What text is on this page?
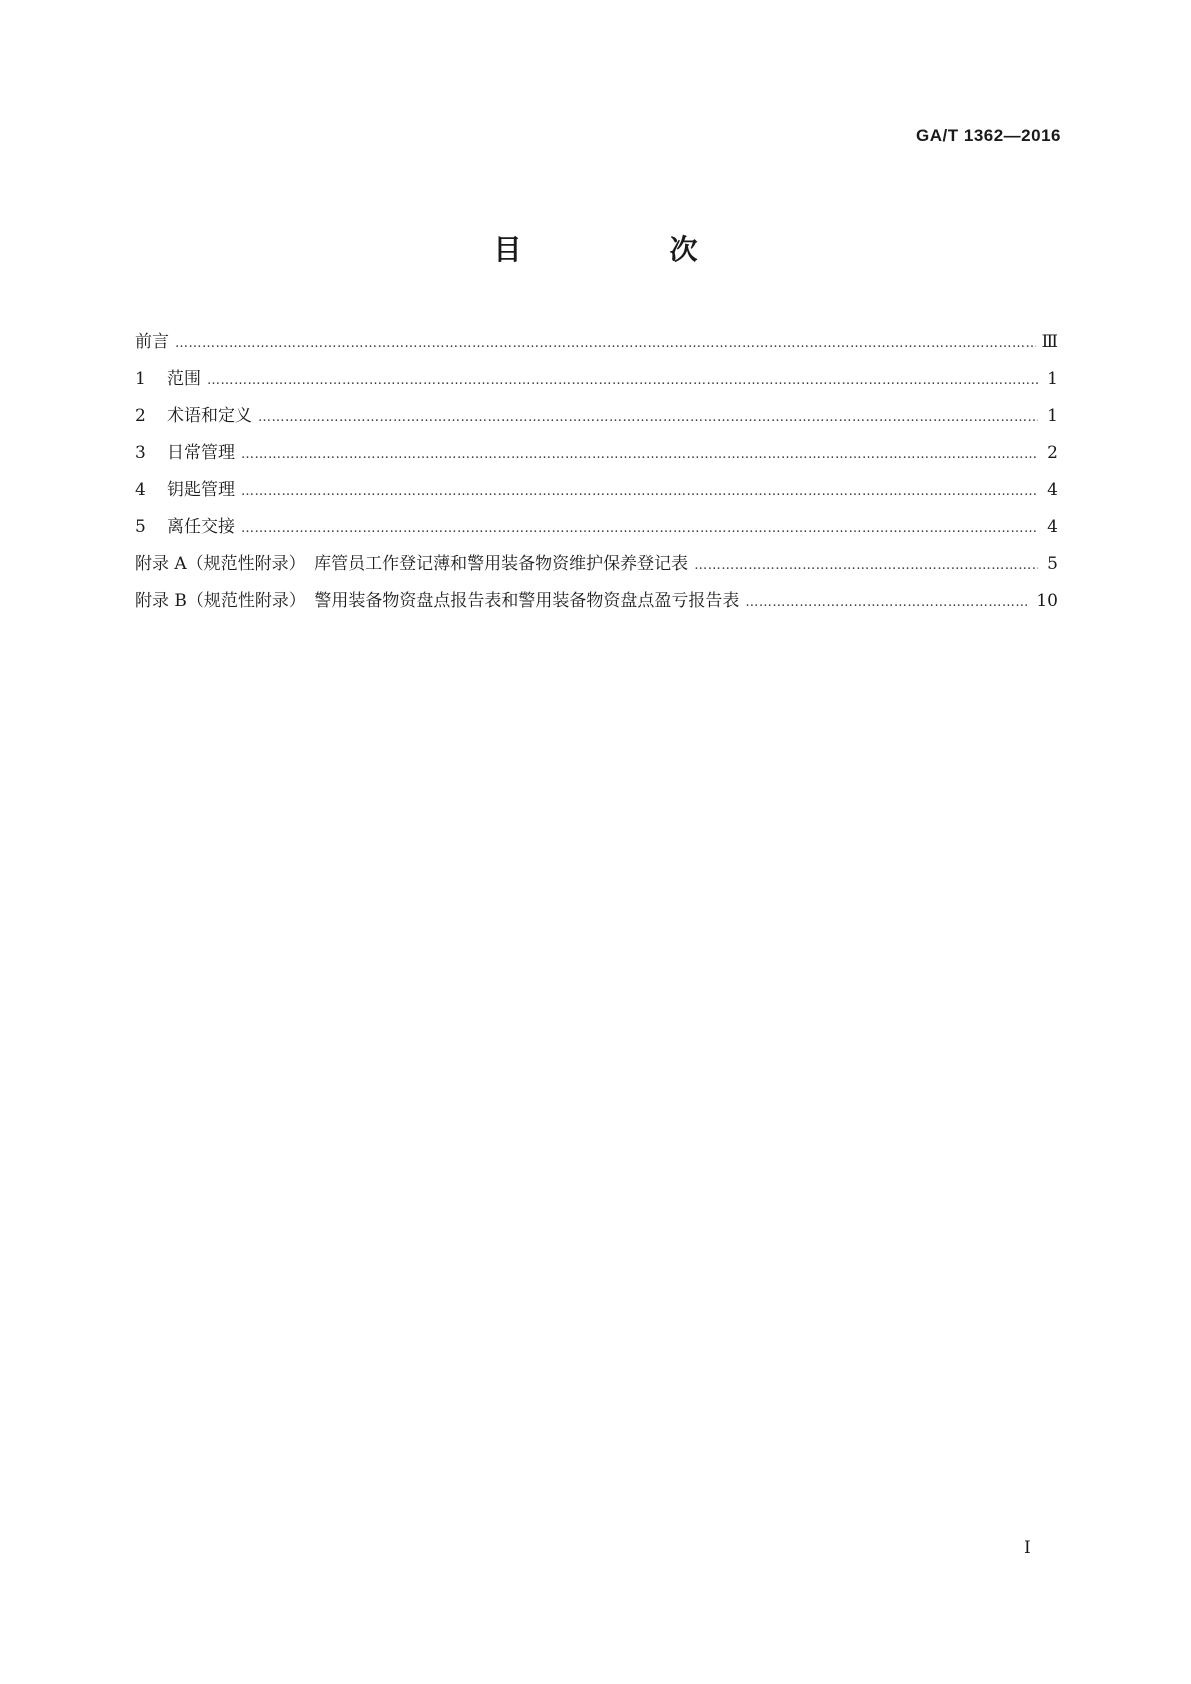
GA/T 1362—2016
目　次
前言 …………………………………………………………………………………………………………………………………………………………………………………………………	Ⅲ
1 范围 …………………………………………………………………………………………………………………………………………………………………………………………………	1
2 术语和定义 …………………………………………………………………………………………………………………………………………………………………………………………………	1
3 日常管理 …………………………………………………………………………………………………………………………………………………………………………………………………	2
4 钥匙管理 …………………………………………………………………………………………………………………………………………………………………………………………………	4
5 离任交接 …………………………………………………………………………………………………………………………………………………………………………………………………	4
附录 A（规范性附录）　库管员工作登记薄和警用装备物资维护保养登记表 …………………………………………………………………………………………………………………………………………………………………………………………………	5
附录 B（规范性附录）　警用装备物资盘点报告表和警用装备物资盘点盈亏报告表 …………………………………………………………………………………………………………………………………………………………………………………………………	10
I
